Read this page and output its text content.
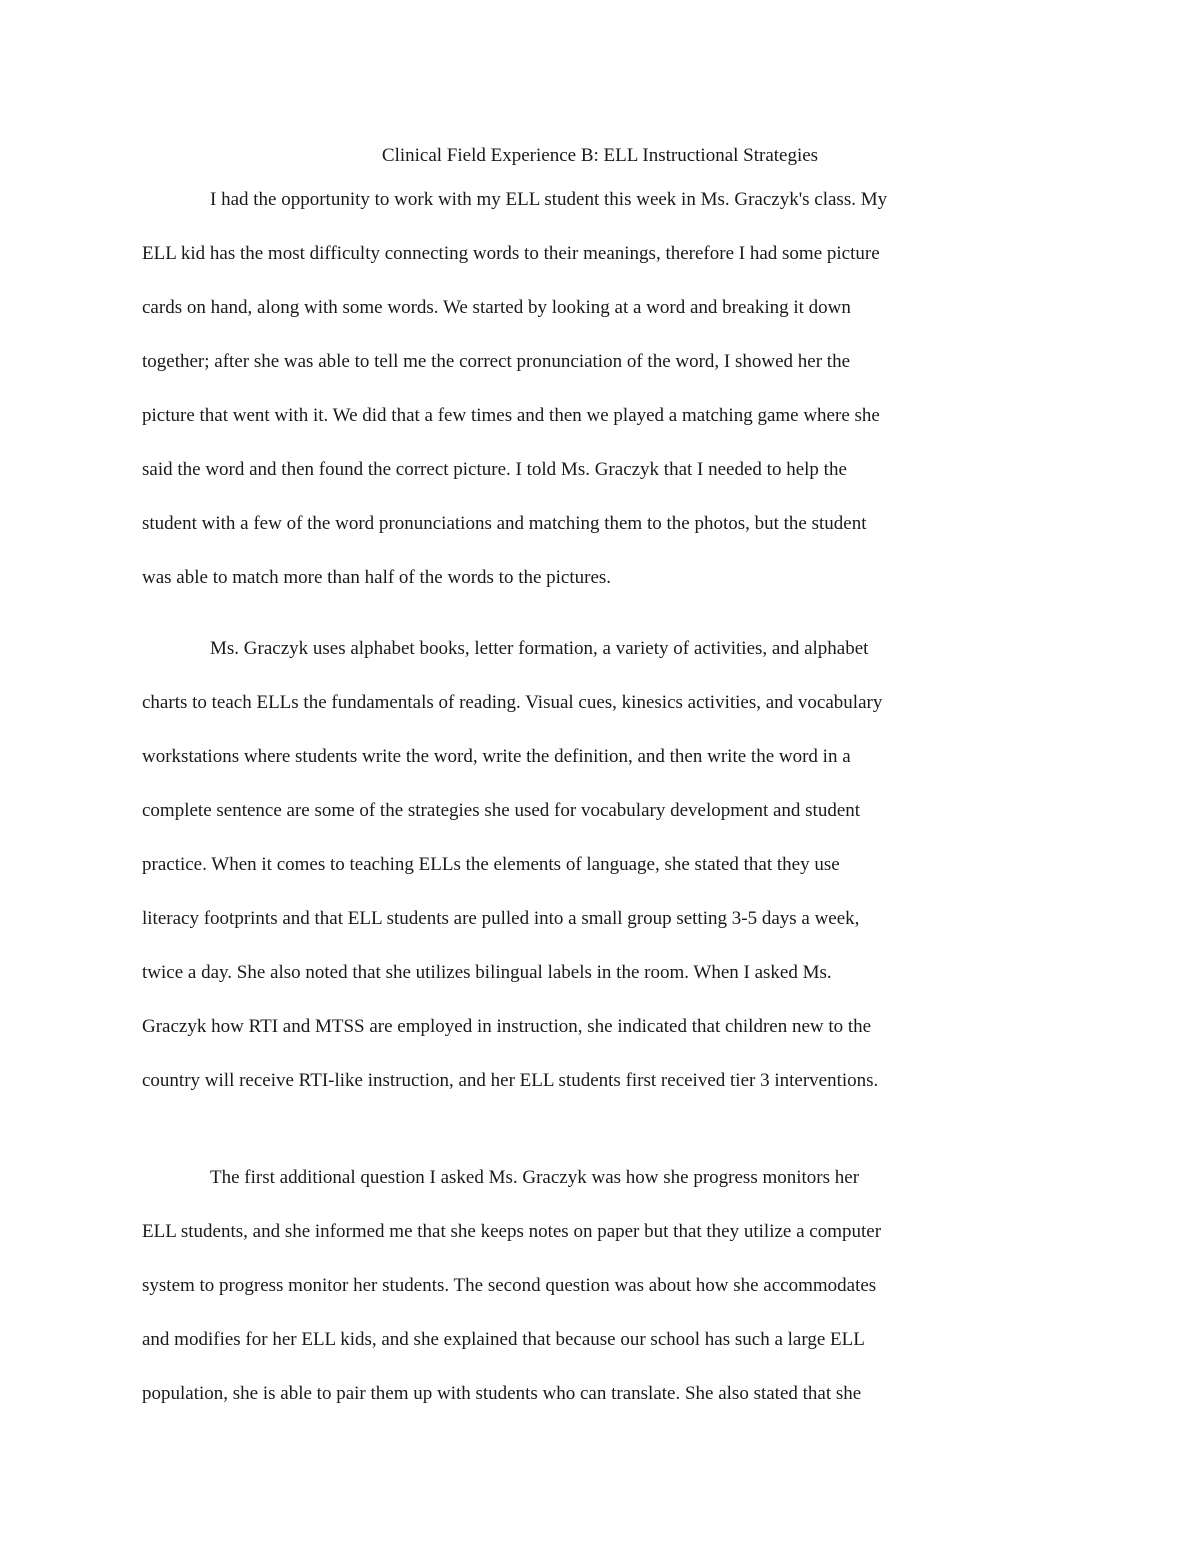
Clinical Field Experience B: ELL Instructional Strategies
I had the opportunity to work with my ELL student this week in Ms. Graczyk's class. My
ELL kid has the most difficulty connecting words to their meanings, therefore I had some picture
cards on hand, along with some words. We started by looking at a word and breaking it down
together; after she was able to tell me the correct pronunciation of the word, I showed her the
picture that went with it. We did that a few times and then we played a matching game where she
said the word and then found the correct picture. I told Ms. Graczyk that I needed to help the
student with a few of the word pronunciations and matching them to the photos, but the student
was able to match more than half of the words to the pictures.
Ms. Graczyk uses alphabet books, letter formation, a variety of activities, and alphabet
charts to teach ELLs the fundamentals of reading. Visual cues, kinesics activities, and vocabulary
workstations where students write the word, write the definition, and then write the word in a
complete sentence are some of the strategies she used for vocabulary development and student
practice. When it comes to teaching ELLs the elements of language, she stated that they use
literacy footprints and that ELL students are pulled into a small group setting 3-5 days a week,
twice a day. She also noted that she utilizes bilingual labels in the room. When I asked Ms.
Graczyk how RTI and MTSS are employed in instruction, she indicated that children new to the
country will receive RTI-like instruction, and her ELL students first received tier 3 interventions.
The first additional question I asked Ms. Graczyk was how she progress monitors her
ELL students, and she informed me that she keeps notes on paper but that they utilize a computer
system to progress monitor her students. The second question was about how she accommodates
and modifies for her ELL kids, and she explained that because our school has such a large ELL
population, she is able to pair them up with students who can translate. She also stated that she
